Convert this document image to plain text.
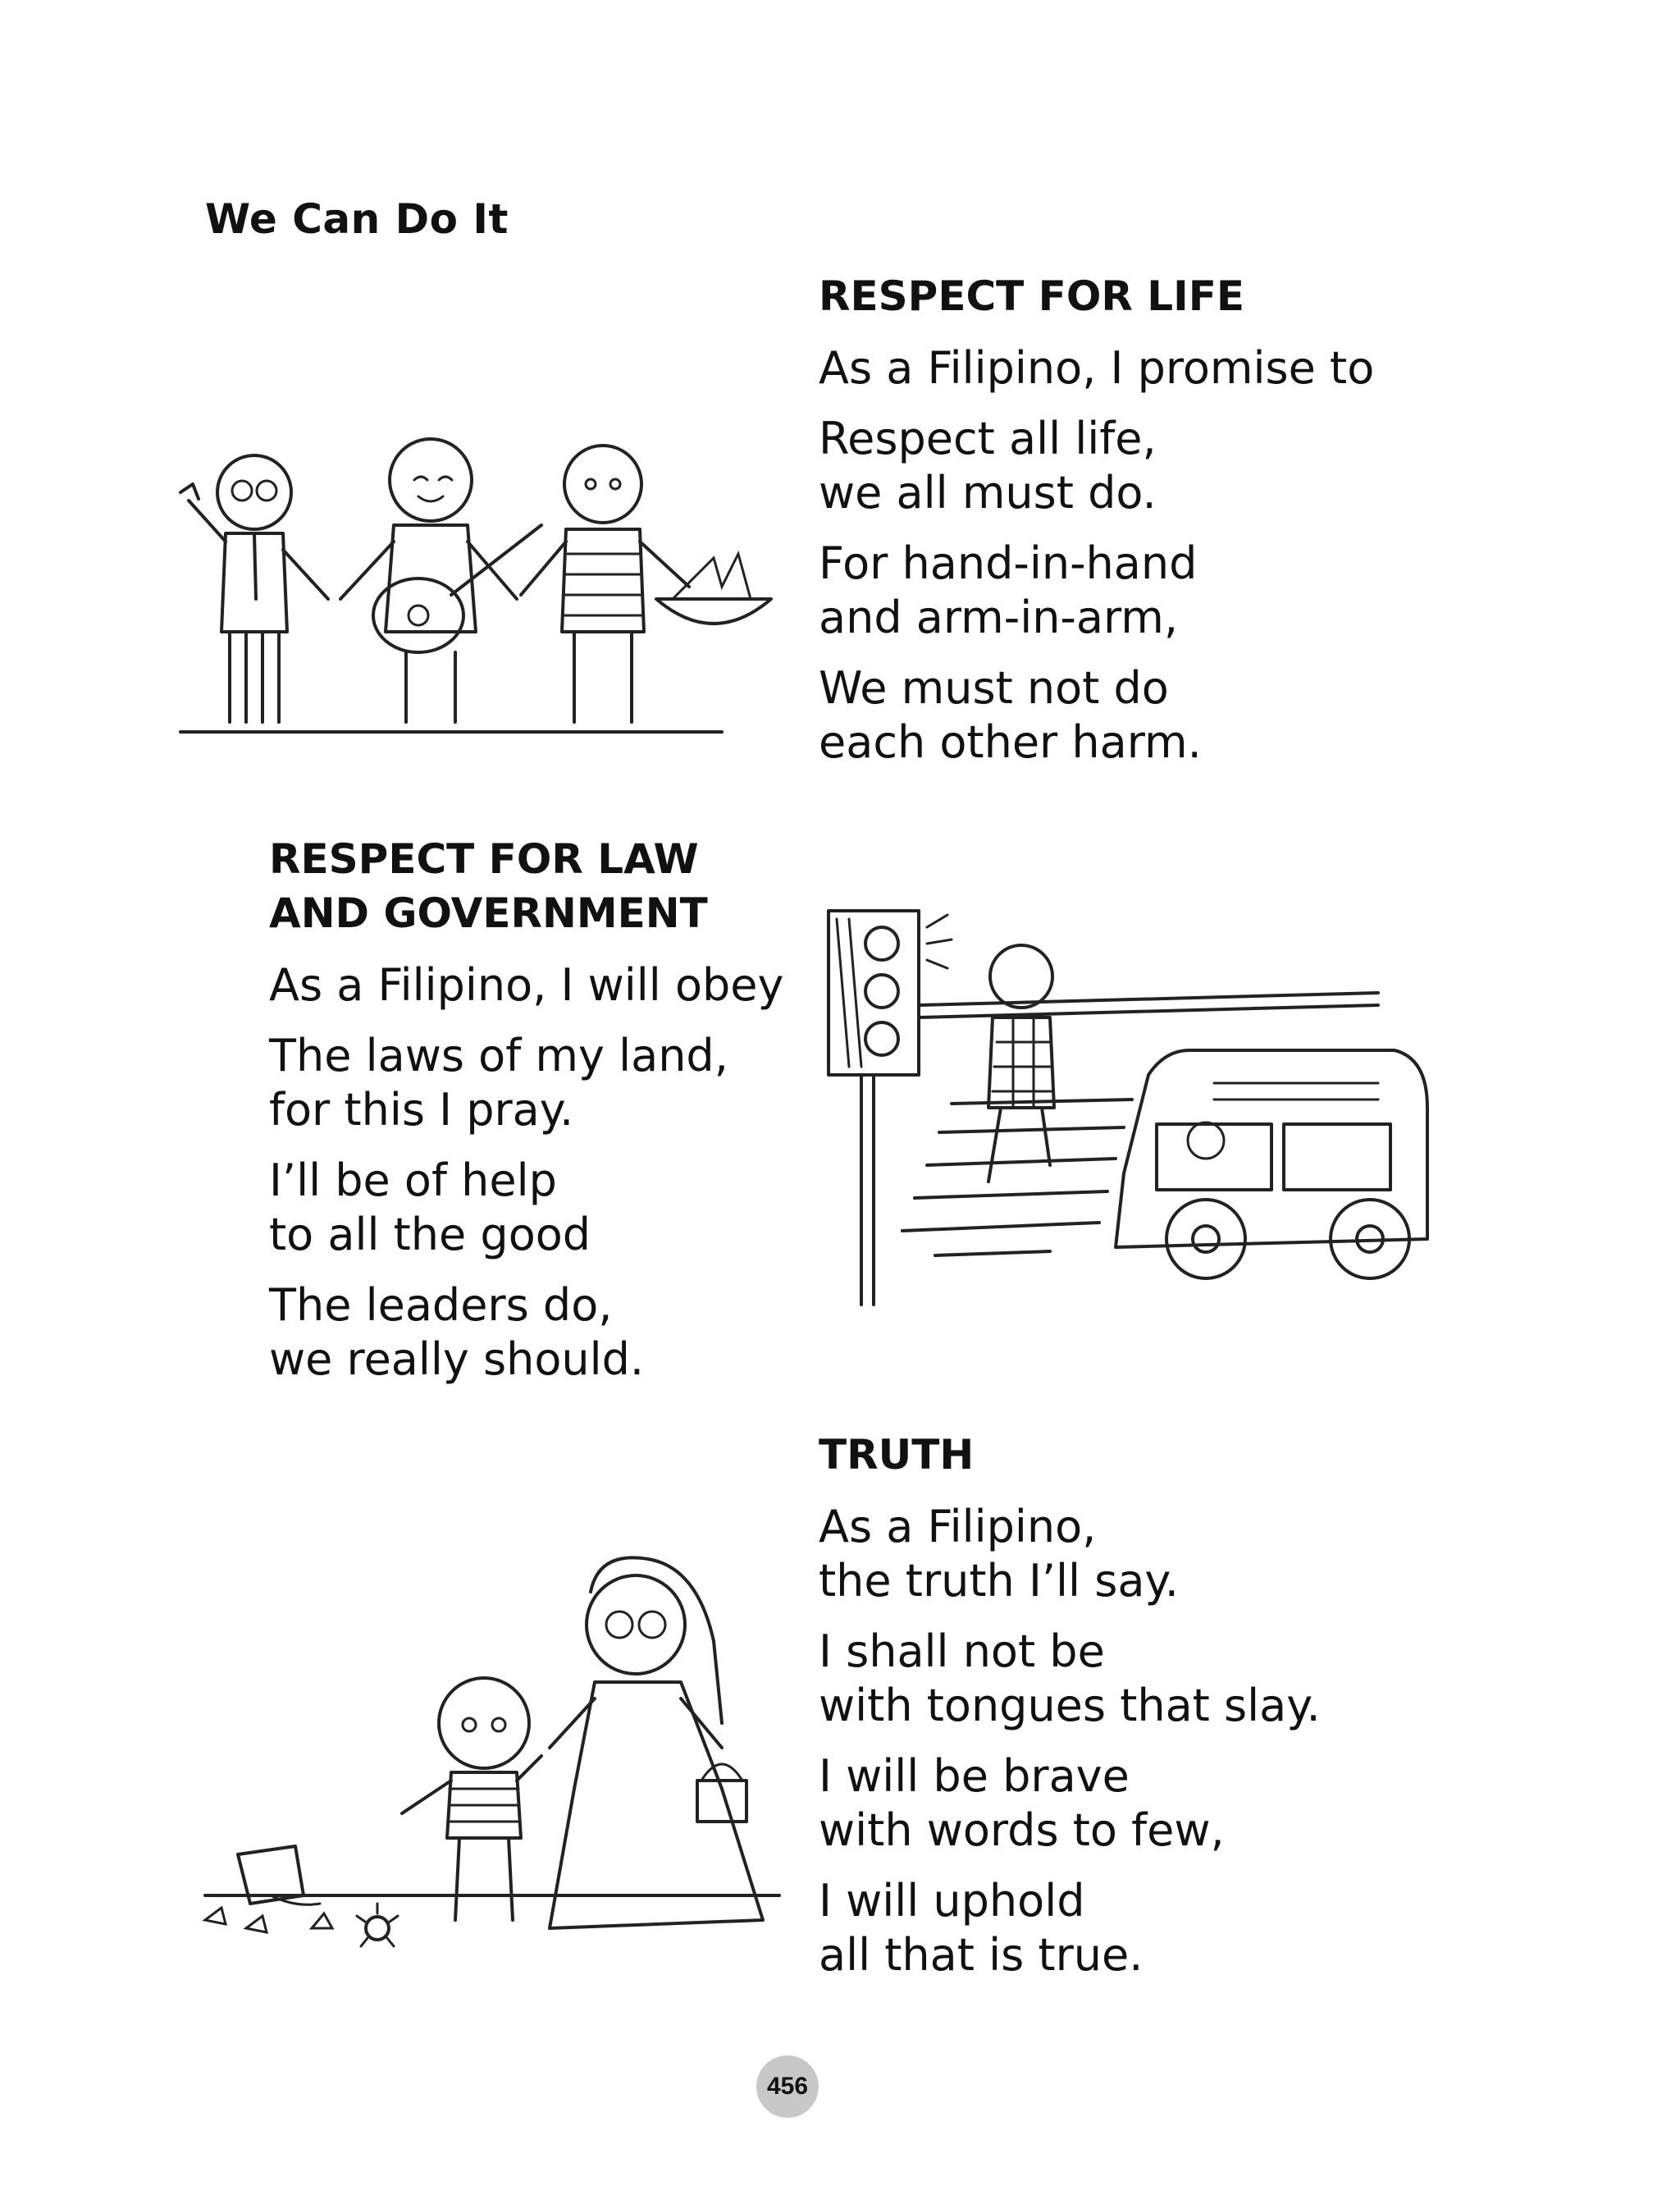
We Can Do It
RESPECT FOR LIFE
As a Filipino, I promise to
Respect all life,
we all must do.
For hand-in-hand
and arm-in-arm,
We must not do
each other harm.
RESPECT FOR LAW
AND GOVERNMENT
As a Filipino, I will obey
The laws of my land,
for this I pray.
I’ll be of help
to all the good
The leaders do,
we really should.
TRUTH
As a Filipino,
the truth I’ll say.
I shall not be
with tongues that slay.
I will be brave
with words to few,
I will uphold
all that is true.
456
